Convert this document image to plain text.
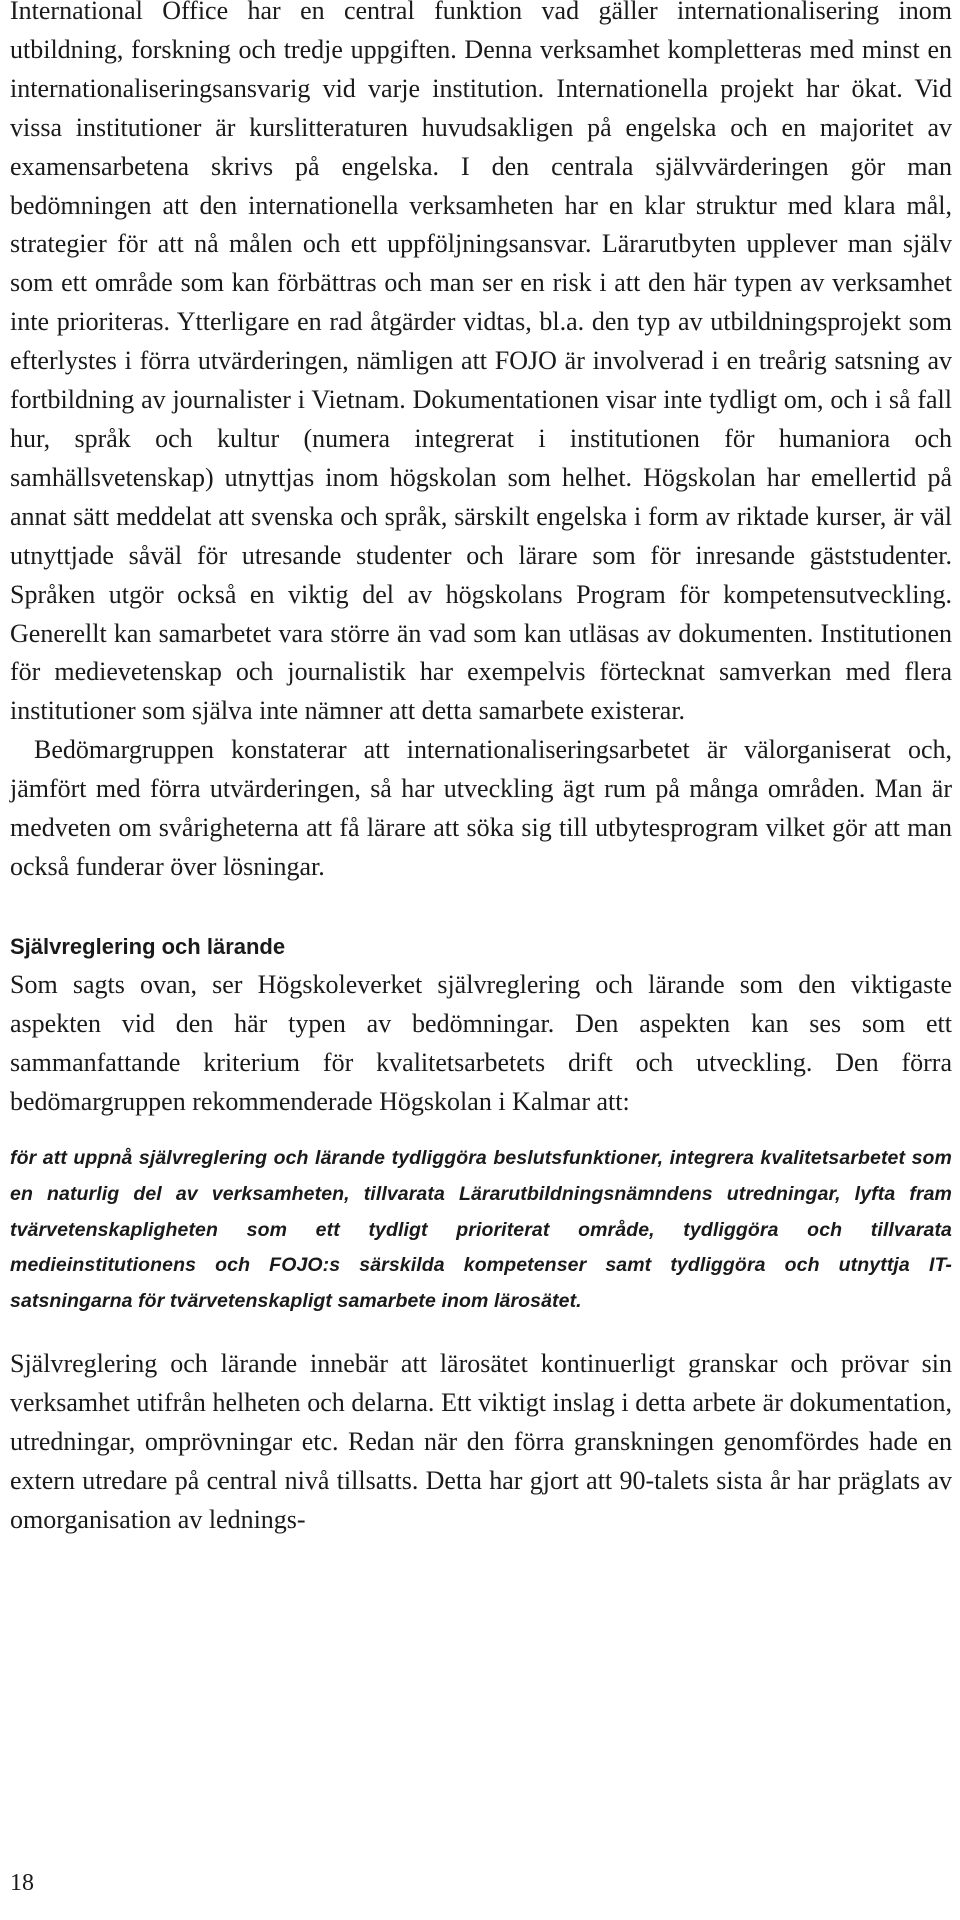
International Office har en central funktion vad gäller internationalisering inom utbildning, forskning och tredje uppgiften. Denna verksamhet kompletteras med minst en internationaliseringsansvarig vid varje institution. Internationella projekt har ökat. Vid vissa institutioner är kurslitteraturen huvudsakligen på engelska och en majoritet av examensarbetena skrivs på engelska. I den centrala självvärderingen gör man bedömningen att den internationella verksamheten har en klar struktur med klara mål, strategier för att nå målen och ett uppföljningsansvar. Lärarutbyten upplever man själv som ett område som kan förbättras och man ser en risk i att den här typen av verksamhet inte prioriteras. Ytterligare en rad åtgärder vidtas, bl.a. den typ av utbildningsprojekt som efterlystes i förra utvärderingen, nämligen att FOJO är involverad i en treårig satsning av fortbildning av journalister i Vietnam. Dokumentationen visar inte tydligt om, och i så fall hur, språk och kultur (numera integrerat i institutionen för humaniora och samhällsvetenskap) utnyttjas inom högskolan som helhet. Högskolan har emellertid på annat sätt meddelat att svenska och språk, särskilt engelska i form av riktade kurser, är väl utnyttjade såväl för utresande studenter och lärare som för inresande gäststudenter. Språken utgör också en viktig del av högskolans Program för kompetensutveckling. Generellt kan samarbetet vara större än vad som kan utläsas av dokumenten. Institutionen för medievetenskap och journalistik har exempelvis förtecknat samverkan med flera institutioner som själva inte nämner att detta samarbete existerar.

Bedömargruppen konstaterar att internationaliseringsarbetet är välorganiserat och, jämfört med förra utvärderingen, så har utveckling ägt rum på många områden. Man är medveten om svårigheterna att få lärare att söka sig till utbytesprogram vilket gör att man också funderar över lösningar.

Självreglering och lärande

Som sagts ovan, ser Högskoleverket självreglering och lärande som den viktigaste aspekten vid den här typen av bedömningar. Den aspekten kan ses som ett sammanfattande kriterium för kvalitetsarbetets drift och utveckling. Den förra bedömargruppen rekommenderade Högskolan i Kalmar att:

för att uppnå självreglering och lärande tydliggöra beslutsfunktioner, integrera kvalitetsarbetet som en naturlig del av verksamheten, tillvarata Lärarutbildningsnämndens utredningar, lyfta fram tvärvetenskapligheten som ett tydligt prioriterat område, tydliggöra och tillvarata medieinstitutionens och FOJO:s särskilda kompetenser samt tydliggöra och utnyttja IT-satsningarna för tvärvetenskapligt samarbete inom lärosätet.

Självreglering och lärande innebär att lärosätet kontinuerligt granskar och prövar sin verksamhet utifrån helheten och delarna. Ett viktigt inslag i detta arbete är dokumentation, utredningar, omprövningar etc. Redan när den förra granskningen genomfördes hade en extern utredare på central nivå tillsatts. Detta har gjort att 90-talets sista år har präglats av omorganisation av lednings-

18
